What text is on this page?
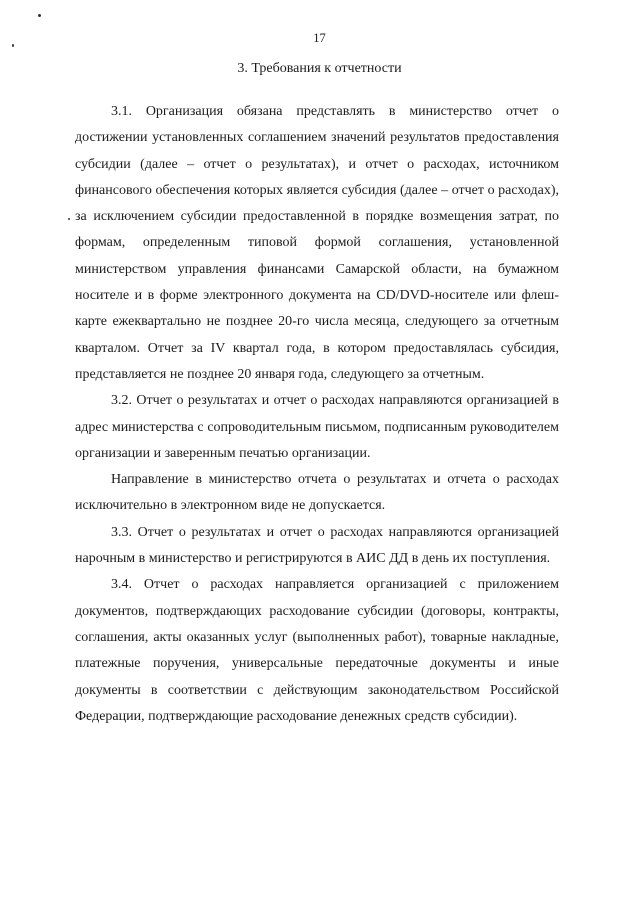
17
3. Требования к отчетности

3.1. Организация обязана представлять в министерство отчет о достижении установленных соглашением значений результатов предоставления субсидии (далее – отчет о результатах), и отчет о расходах, источником финансового обеспечения которых является субсидия (далее – отчет о расходах), за исключением субсидии предоставленной в порядке возмещения затрат, по формам, определенным типовой формой соглашения, установленной министерством управления финансами Самарской области, на бумажном носителе и в форме электронного документа на CD/DVD-носителе или флеш-карте ежеквартально не позднее 20-го числа месяца, следующего за отчетным кварталом. Отчет за IV квартал года, в котором предоставлялась субсидия, представляется не позднее 20 января года, следующего за отчетным.

3.2. Отчет о результатах и отчет о расходах направляются организацией в адрес министерства с сопроводительным письмом, подписанным руководителем организации и заверенным печатью организации.

Направление в министерство отчета о результатах и отчета о расходах исключительно в электронном виде не допускается.

3.3. Отчет о результатах и отчет о расходах направляются организацией нарочным в министерство и регистрируются в АИС ДД в день их поступления.

3.4. Отчет о расходах направляется организацией с приложением документов, подтверждающих расходование субсидии (договоры, контракты, соглашения, акты оказанных услуг (выполненных работ), товарные накладные, платежные поручения, универсальные передаточные документы и иные документы в соответствии с действующим законодательством Российской Федерации, подтверждающие расходование денежных средств субсидии).
